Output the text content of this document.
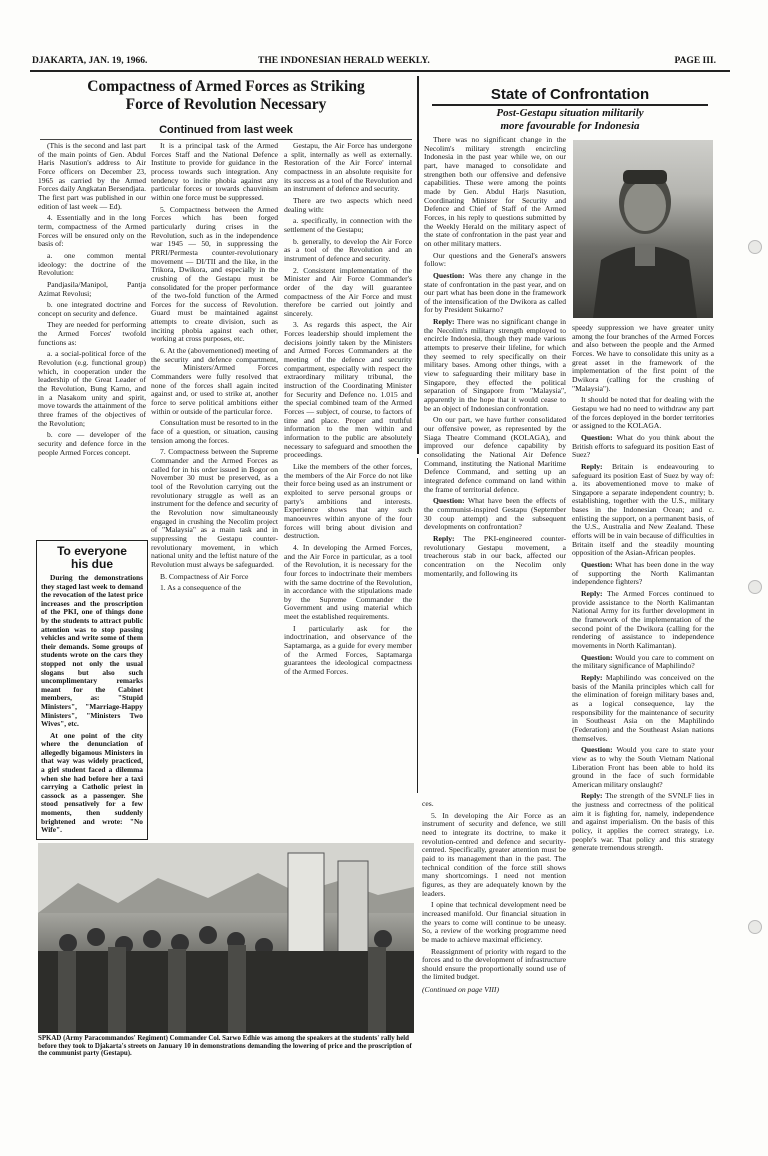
DJAKARTA, JAN. 19, 1966.	THE INDONESIAN HERALD WEEKLY.	PAGE III.
Compactness of Armed Forces as Striking
Force of Revolution Necessary
Continued from last week

(This is the second and last part of the main points of Gen. Abdul Haris Nasution's address to Air Force officers on December 23, 1965 as carried by the Armed Forces daily Angkatan Bersendjata. The first part was published in our edition of last week — Ed).

4. Essentially and in the long term, compactness of the Armed Forces will be ensured only on the basis of:

a. one common mental ideology: the doctrine of the Revolution:

Pandjasila/Manipol, Pantja Azimat Revolusi;

b. one integrated doctrine and concept on security and defence.

They are needed for performing the Armed Forces' twofold functions as:

a. a social-political force of the Revolution (e.g. functional group) which, in cooperation under the leadership of the Great Leader of the Revolution, Bung Karno, and in a Nasakom unity and spirit, move towards the attainment of the three frames of the objectives of the Revolution;

b. core — developer of the security and defence force in the people Armed Forces concept.

To everyone
his due

During the demonstrations they staged last week to demand the revocation of the latest price increases and the proscription of the PKI, one of things done by the students to attract public attention was to stop passing vehicles and write some of them their demands. Some groups of students wrote on the cars they stopped not only the usual slogans but also such uncomplimentary remarks meant for the Cabinet members, as: "Stupid Ministers", "Marriage-Happy Ministers", "Ministers Two Wives", etc.

At one point of the city where the denunciation of allegedly bigamous Ministers in that way was widely practiced, a girl student faced a dilemma when she had before her a taxi carrying a Catholic priest in cassock as a passenger. She stood pensatively for a few moments, then suddenly brightened and wrote: "No Wife".

It is a principal task of the Armed Forces Staff and the National Defence Institute to provide for guidance in the process towards such integration. Any tendency to incite phobia against any particular forces or towards chauvinism within one force must be suppressed.

5. Compactness between the Armed Forces which has been forged particularly during crises in the Revolution, such as in the independence war 1945 — 50, in suppressing the PRRI/Permesta counter-revolutionary movement — DI/TII and the like, in the Trikora, Dwikora, and especially in the crushing of the Gestapu must be consolidated for the proper performance of the two-fold function of the Armed Forces for the success of Revolution. Guard must be maintained against attempts to create division, such as inciting phobia against each other, working at cross purposes, etc.

6. At the (abovementioned) meeting of the security and defence compartment, the Ministers/Armed Forces Commanders were fully resolved that none of the forces shall again incited against and, or used to strike at, another force to serve political ambitions either within or outside of the particular force.

Consultation must be resorted to in the face of a question, or situation, causing tension among the forces.

7. Compactness between the Supreme Commander and the Armed Forces as called for in his order issued in Bogor on November 30 must be preserved, as a tool of the Revolution carrying out the revolutionary struggle as well as an instrument for the defence and security of the Revolution now simultaneously engaged in crushing the Necolim project of "Malaysia" as a main task and in suppressing the Gestapu counter-revolutionary movement, in which national unity and the leftist nature of the Revolution must always be safeguarded.

B. Compactness of Air Force

1. As a consequence of the

Gestapu, the Air Force has undergone a split, internally as well as externally. Restoration of the Air Force' internal compactness in an absolute requisite for its success as a tool of the Revolution and an instrument of defence and security.

There are two aspects which need dealing with:

a. specifically, in connection with the settlement of the Gestapu;

b. generally, to develop the Air Force as a tool of the Revolution and an instrument of defence and security.

2. Consistent implementation of the Minister and Air Force Commander's order of the day will guarantee compactness of the Air Force and must therefore be carried out jointly and sincerely.

3. As regards this aspect, the Air Forces leadership should implement the decisions jointly taken by the Ministers and Armed Forces Commanders at the meeting of the defence and security compartment, especially with respect the extraordinary military tribunal, the instruction of the Coordinating Minister for Security and Defence no. 1.015 and the special combined team of the Armed Forces — subject, of course, to factors of time and place. Proper and truthful information to the men within and information to the public are absolutely necessary to safeguard and smoothen the proceedings.

Like the members of the other forces, the members of the Air Force do not like their force being used as an instrument or exploited to serve personal groups or party's ambitions and interests. Experience shows that any such manoeuvres within anyone of the four forces will bring about division and destruction.

4. In developing the Armed Forces, and the Air Force in particular, as a tool of the Revolution, it is necessary for the four forces to indoctrinate their members with the same doctrine of the Revolution, in accordance with the stipulations made by the Supreme Commander the Government and using material which meet the established requirements.

I particularly ask for the indoctrination, and observance of the Saptamarga, as a guide for every member of the Armed Forces, Saptamarga guarantees the ideological compactness of the Armed Forces.

State of Confrontation
Post-Gestapu situation militarily
more favourable for Indonesia

There was no significant change in the Necolim's military strength encircling Indonesia in the past year while we, on our part, have managed to consolidate and strengthen both our offensive and defensive capabilities. These were among the points made by Gen. Abdul Harjs Nasution, Coordinating Minister for Security and Defence and Chief of Staff of the Armed Forces, in his reply to questions submitted by the Weekly Herald on the military aspect of the state of confrontation in the past year and on other military matters.

Our questions and the General's answers follow:

Question: Was there any change in the state of confrontation in the past year, and on our part what has been done in the framework of the intensification of the Dwikora as called for by President Sukarno?

Reply: There was no significant change in the Necolim's military strength employed to encircle Indonesia, though they made various attempts to preserve their lifeline, for which they seemed to rely specifically on their military bases. Among other things, with a view to safeguarding their military base in Singapore, they effected the political separation of Singapore from "Malaysia", apparently in the hope that it would cease to be an object of Indonesian confrontation.

On our part, we have further consolidated our offensive power, as represented by the Siaga Theatre Command (KOLAGA), and improved our defence capability by consolidating the National Air Defence Command, instituting the National Maritime Defence Command, and setting up an integrated defence command on land within the frame of territorial defence.

Question: What have been the effects of the communist-inspired Gestapu (September 30 coup attempt) and the subsequent developments on confrontation?

Reply: The PKI-engineered counter-revolutionary Gestapu movement, a treacherous stab in our back, affected our concentration on the Necolim only momentarily, and following its

speedy suppression we have greater unity among the four branches of the Armed Forces and also between the people and the Armed Forces. We have to consolidate this unity as a great asset in the framework of the implementation of the first point of the Dwikora (calling for the crushing of "Malaysia").

It should be noted that for dealing with the Gestapu we had no need to withdraw any part of the forces deployed in the border territories or assigned to the KOLAGA.

Question: What do you think about the British efforts to safeguard its position East of Suez?

Reply: Britain is endeavouring to safeguard its position East of Suez by way of: a. its abovementioned move to make of Singapore a separate independent country; b. establishing, together with the U.S., military bases in the Indonesian Ocean; and c. enlisting the support, on a permanent basis, of the U.S., Australia and New Zealand. These efforts will be in vain because of difficulties in Britain itself and the steadily mounting opposition of the Asian-African peoples.

Question: What has been done in the way of supporting the North Kalimantan independence fighters?

Reply: The Armed Forces continued to provide assistance to the North Kalimantan National Army for its further development in the framework of the implementation of the second point of the Dwikora (calling for the rendering of assistance to independence movements in North Kalimantan).

Question: Would you care to comment on the military significance of Maphilindo?

Reply: Maphilindo was conceived on the basis of the Manila principles which call for the elimination of foreign military bases and, as a logical consequence, lay the responsibility for the maintenance of security in Southeast Asia on the Maphilindo (Federation) and the Southeast Asian nations themselves.

Question: Would you care to state your view as to why the South Vietnam National Liberation Front has been able to hold its ground in the face of such formidable American military onslaught?

Reply: The strength of the SVNLF lies in the justness and correctness of the political aim it is fighting for, namely, independence and against imperialism. On the basis of this policy, it applies the correct strategy, i.e. people's war. That policy and this strategy generate tremendous strength.

ces.

5. In developing the Air Force as an instrument of security and defence, we still need to integrate its doctrine, to make it revolution-centred and defence and security-centred. Specifically, greater attention must be paid to its management than in the past. The technical condition of the force still shows many shortcomings. I need not mention figures, as they are adequately known by the leaders.

I opine that technical development need be increased manifold. Our financial situation in the years to come will continue to be uneasy. So, a review of the working programme need be made to achieve maximal efficiency.

Reassignment of priority with regard to the forces and to the development of infrastructure should ensure the proportionally sound use of the limited budget.

(Continued on page VIII)
SPKAD (Army Paracommandos' Regiment) Commander Col. Sarwo Edhie was among the speakers at the students' rally held before they took to Djakarta's streets on January 10 in demonstrations demanding the lowering of price and the proscription of the communist party (Gestapu).
